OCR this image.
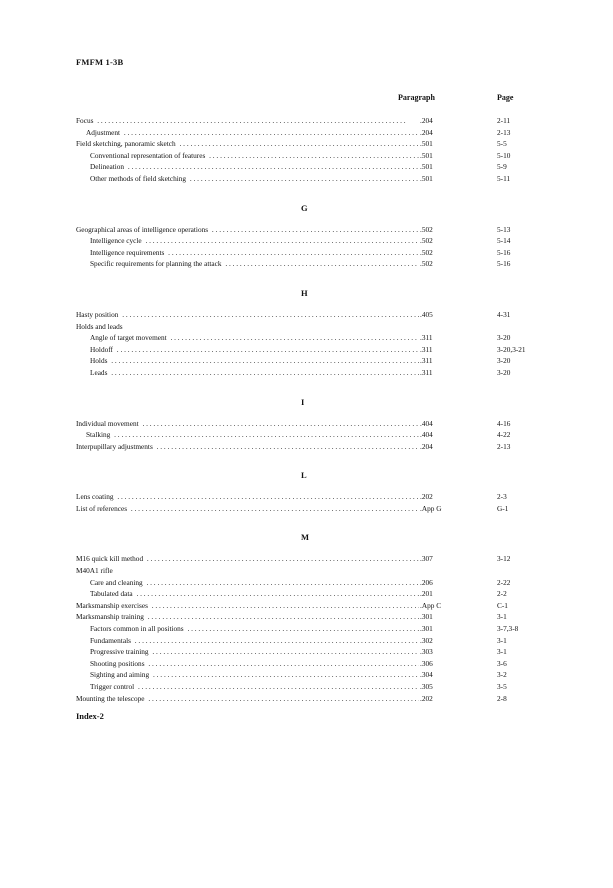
FMFM 1-3B
Paragraph	Page
Focus . . .	.204	2-11
Adjustment . . .	.204	2-13
Field sketching, panoramic sketch . . .	.501	5-5
Conventional representation of features . . .	.501	5-10
Delineation . . .	.501	5-9
Other methods of field sketching . . .	.501	5-11
G
Geographical areas of intelligence operations . . .	.502	5-13
Intelligence cycle . . .	.502	5-14
Intelligence requirements . . .	.502	5-16
Specific requirements for planning the attack . . .	.502	5-16
H
Hasty position . . .	.405	4-31
Holds and leads
Angle of target movement . . .	.311	3-20
Holdoff . . .	.311	3-20,3-21
Holds . . .	.311	3-20
Leads . . .	.311	3-20
I
Individual movement . . .	.404	4-16
Stalking . . .	.404	4-22
Interpupillary adjustments . . .	.204	2-13
L
Lens coating . . .	.202	2-3
List of references . . .	.App G	G-1
M
M16 quick kill method . . .	.307	3-12
M40A1 rifle
Care and cleaning . . .	.206	2-22
Tabulated data . . .	.201	2-2
Marksmanship exercises . . .	.App C	C-1
Marksmanship training . . .	.301	3-1
Factors common in all positions . . .	.301	3-7,3-8
Fundamentals . . .	.302	3-1
Progressive training . . .	.303	3-1
Shooting positions . . .	.306	3-6
Sighting and aiming . . .	.304	3-2
Trigger control . . .	.305	3-5
Mounting the telescope . . .	.202	2-8
Index-2
